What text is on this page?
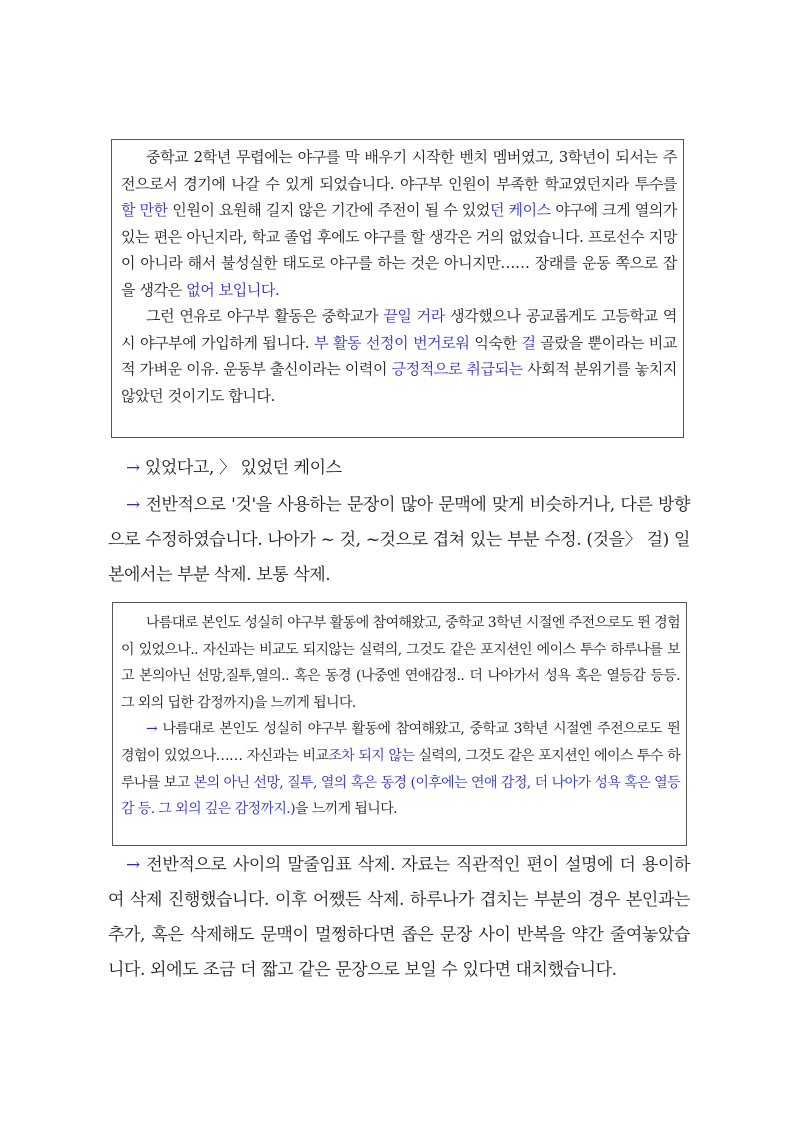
중학교 2학년 무렵에는 야구를 막 배우기 시작한 벤치 멤버였고, 3학년이 되서는 주전으로서 경기에 나갈 수 있게 되었습니다. 야구부 인원이 부족한 학교였던지라 투수를 할 만한 인원이 요원해 길지 않은 기간에 주전이 될 수 있었던 케이스 야구에 크게 열의가 있는 편은 아닌지라, 학교 졸업 후에도 야구를 할 생각은 거의 없었습니다. 프로선수 지망이 아니라 해서 불성실한 태도로 야구를 하는 것은 아니지만…… 장래를 운동 쪽으로 잡을 생각은 없어 보입니다.

그런 연유로 야구부 활동은 중학교가 끝일 거라 생각했으나 공교롭게도 고등학교 역시 야구부에 가입하게 됩니다. 부 활동 선정이 번거로워 익숙한 걸 골랐을 뿐이라는 비교적 가벼운 이유. 운동부 출신이라는 이력이 긍정적으로 취급되는 사회적 분위기를 놓치지 않았던 것이기도 합니다.

→ 있었다고, 〉 있었던 케이스

→ 전반적으로 '것'을 사용하는 문장이 많아 문맥에 맞게 비슷하거나, 다른 방향으로 수정하였습니다. 나아가 ~ 것, ~것으로 겹쳐 있는 부분 수정. (것을〉 걸) 일본에서는 부분 삭제. 보통 삭제.

나름대로 본인도 성실히 야구부 활동에 참여해왔고, 중학교 3학년 시절엔 주전으로도 뛴 경험이 있었으나.. 자신과는 비교도 되지않는 실력의, 그것도 같은 포지션인 에이스 투수 하루나를 보고 본의아닌 선망,질투,열의.. 혹은 동경 (나중엔 연애감정.. 더 나아가서 성욕 혹은 열등감 등등. 그 외의 딥한 감정까지)을 느끼게 됩니다.

→ 나름대로 본인도 성실히 야구부 활동에 참여해왔고, 중학교 3학년 시절엔 주전으로도 뛴 경험이 있었으나…… 자신과는 비교조차 되지 않는 실력의, 그것도 같은 포지션인 에이스 투수 하루나를 보고 본의 아닌 선망, 질투, 열의 혹은 동경 (이후에는 연애 감정, 더 나아가 성욕 혹은 열등감 등. 그 외의 깊은 감정까지.)을 느끼게 됩니다.

→ 전반적으로 사이의 말줄임표 삭제. 자료는 직관적인 편이 설명에 더 용이하여 삭제 진행했습니다. 이후 어쨌든 삭제. 하루나가 겹치는 부분의 경우 본인과는 추가, 혹은 삭제해도 문맥이 멀쩡하다면 좁은 문장 사이 반복을 약간 줄여놓았습니다. 외에도 조금 더 짧고 같은 문장으로 보일 수 있다면 대치했습니다.
